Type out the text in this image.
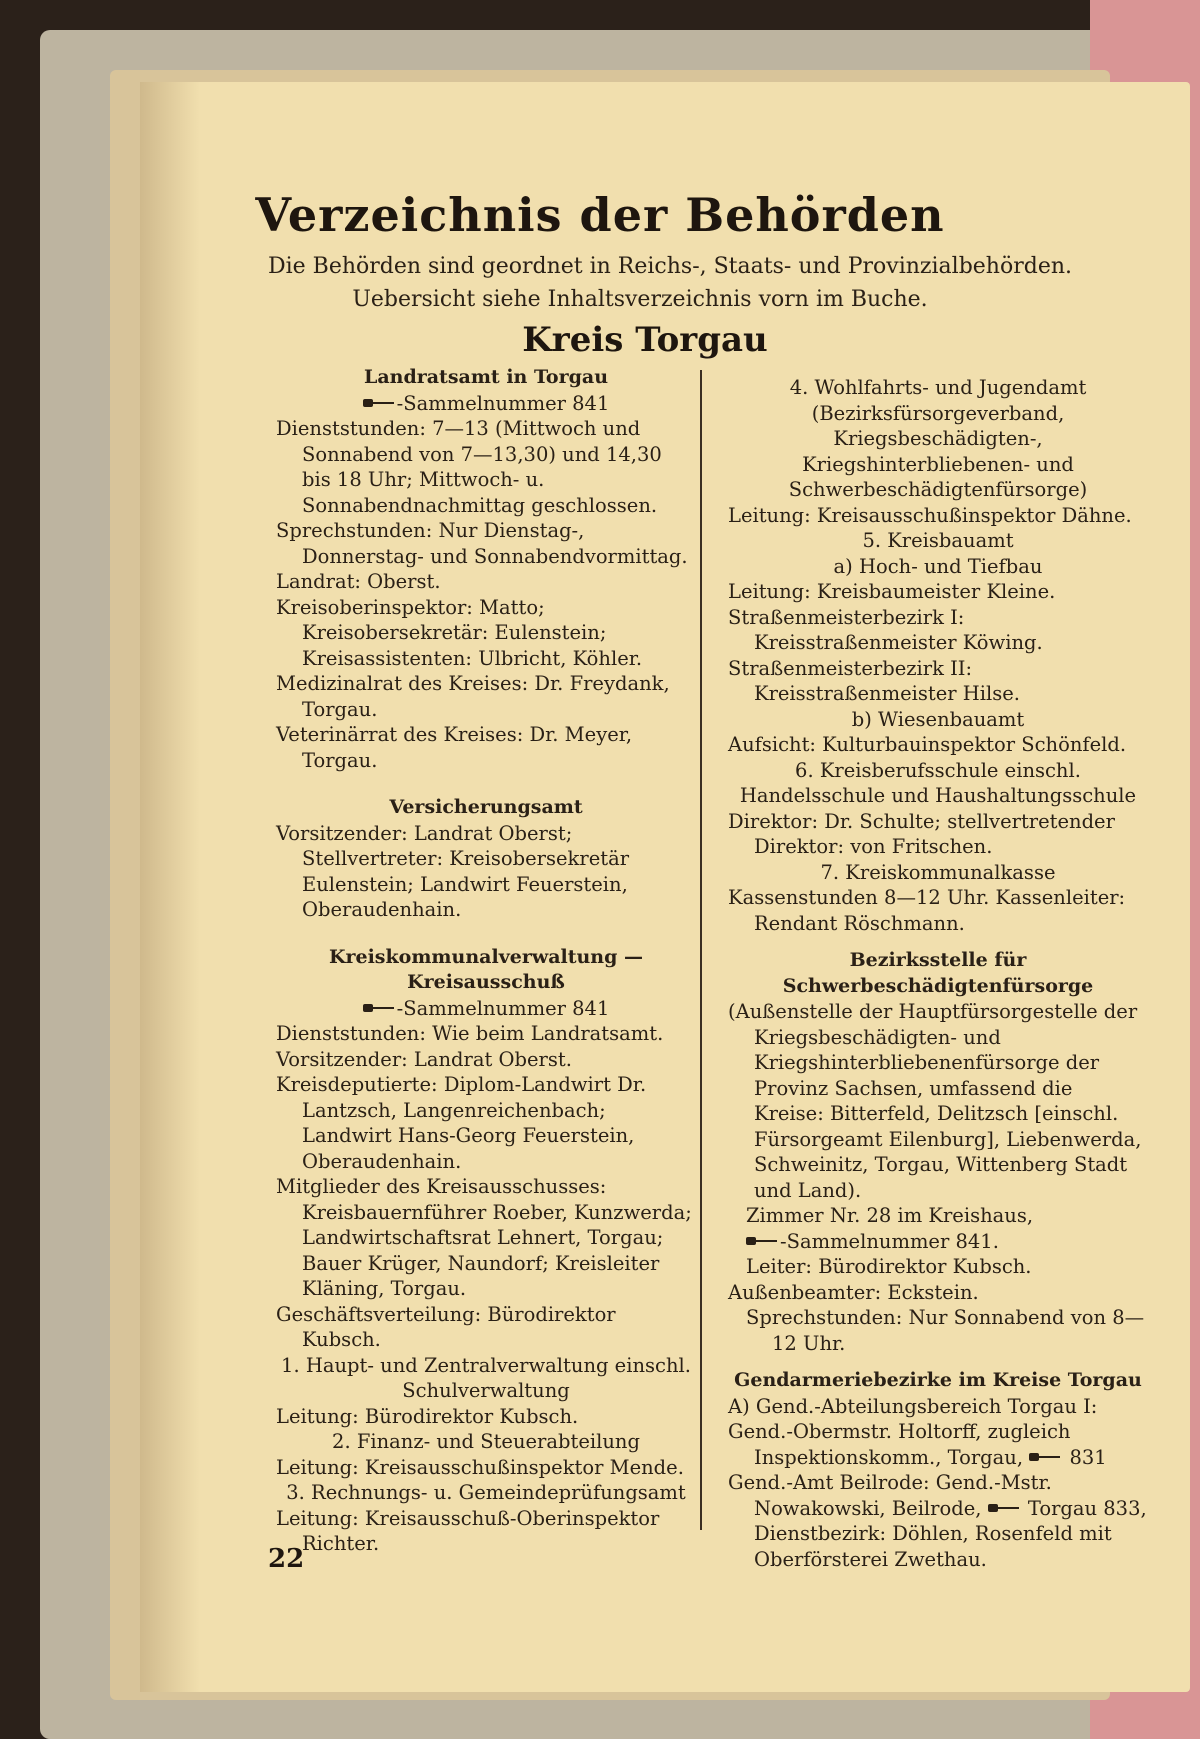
Verzeichnis der Behörden
Die Behörden sind geordnet in Reichs-, Staats- und Provinzialbehörden.
Uebersicht siehe Inhaltsverzeichnis vorn im Buche.
Kreis Torgau
Landratsamt in Torgau
-Sammelnummer 841

Dienststunden: 7—13 (Mittwoch und Sonnabend von 7—13,30) und 14,30 bis 18 Uhr; Mittwoch- u. Sonnabendnachmittag geschlossen.

Sprechstunden: Nur Dienstag-, Donnerstag- und Sonnabendvormittag.

Landrat: Oberst.

Kreisoberinspektor: Matto; Kreisobersekretär: Eulenstein; Kreisassistenten: Ulbricht, Köhler.

Medizinalrat des Kreises: Dr. Freydank, Torgau.

Veterinärrat des Kreises: Dr. Meyer, Torgau.

Versicherungsamt

Vorsitzender: Landrat Oberst; Stellvertreter: Kreisobersekretär Eulenstein; Landwirt Feuerstein, Oberaudenhain.

Kreiskommunalverwaltung —
Kreisausschuß
-Sammelnummer 841

Dienststunden: Wie beim Landratsamt.

Vorsitzender: Landrat Oberst.

Kreisdeputierte: Diplom-Landwirt Dr. Lantzsch, Langenreichenbach; Landwirt Hans-Georg Feuerstein, Oberaudenhain.

Mitglieder des Kreisausschusses: Kreisbauernführer Roeber, Kunzwerda; Landwirtschaftsrat Lehnert, Torgau; Bauer Krüger, Naundorf; Kreisleiter Kläning, Torgau.

Geschäftsverteilung: Bürodirektor Kubsch.

1. Haupt- und Zentralverwaltung einschl. Schulverwaltung

Leitung: Bürodirektor Kubsch.

2. Finanz- und Steuerabteilung

Leitung: Kreisausschußinspektor Mende.

3. Rechnungs- u. Gemeindeprüfungsamt

Leitung: Kreisausschuß-Oberinspektor Richter.

4. Wohlfahrts- und Jugendamt (Bezirksfürsorgeverband, Kriegsbeschädigten-, Kriegshinterbliebenen- und Schwerbeschädigtenfürsorge)

Leitung: Kreisausschußinspektor Dähne.

5. Kreisbauamt

a) Hoch- und Tiefbau

Leitung: Kreisbaumeister Kleine.

Straßenmeisterbezirk I: Kreisstraßenmeister Köwing.

Straßenmeisterbezirk II: Kreisstraßenmeister Hilse.

b) Wiesenbauamt

Aufsicht: Kulturbauinspektor Schönfeld.

6. Kreisberufsschule einschl. Handelsschule und Haushaltungsschule

Direktor: Dr. Schulte; stellvertretender Direktor: von Fritschen.

7. Kreiskommunalkasse

Kassenstunden 8—12 Uhr. Kassenleiter: Rendant Röschmann.

Bezirksstelle für Schwerbeschädigtenfürsorge

(Außenstelle der Hauptfürsorgestelle der Kriegsbeschädigten- und Kriegshinterbliebenenfürsorge der Provinz Sachsen, umfassend die Kreise: Bitterfeld, Delitzsch [einschl. Fürsorgeamt Eilenburg], Liebenwerda, Schweinitz, Torgau, Wittenberg Stadt und Land).

Zimmer Nr. 28 im Kreishaus,

-Sammelnummer 841.

Leiter: Bürodirektor Kubsch.

Außenbeamter: Eckstein.

Sprechstunden: Nur Sonnabend von 8—12 Uhr.

Gendarmeriebezirke im Kreise Torgau

A) Gend.-Abteilungsbereich Torgau I:

Gend.-Obermstr. Holtorff, zugleich Inspektionskomm., Torgau, 831

Gend.-Amt Beilrode: Gend.-Mstr. Nowakowski, Beilrode, Torgau 833, Dienstbezirk: Döhlen, Rosenfeld mit Oberförsterei Zwethau.

22
